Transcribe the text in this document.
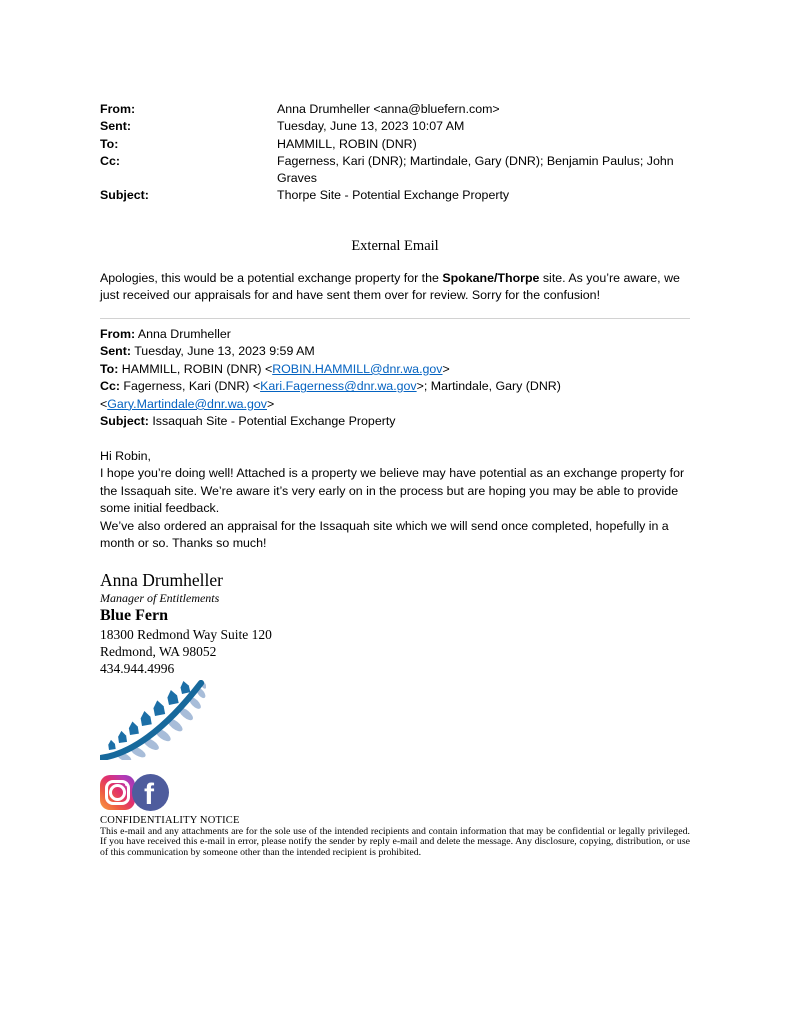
From:	Anna Drumheller <anna@bluefern.com>
Sent:	Tuesday, June 13, 2023 10:07 AM
To:	HAMMILL, ROBIN (DNR)
Cc:	Fagerness, Kari (DNR); Martindale, Gary (DNR); Benjamin Paulus; John Graves
Subject:	Thorpe Site - Potential Exchange Property
External Email

Apologies, this would be a potential exchange property for the Spokane/Thorpe site. As you’re aware, we just received our appraisals for and have sent them over for review. Sorry for the confusion!

From: Anna Drumheller
Sent: Tuesday, June 13, 2023 9:59 AM
To: HAMMILL, ROBIN (DNR) <ROBIN.HAMMILL@dnr.wa.gov>
Cc: Fagerness, Kari (DNR) <Kari.Fagerness@dnr.wa.gov>; Martindale, Gary (DNR)
<Gary.Martindale@dnr.wa.gov>
Subject: Issaquah Site - Potential Exchange Property
Hi Robin,
I hope you’re doing well! Attached is a property we believe may have potential as an exchange property for the Issaquah site. We’re aware it’s very early on in the process but are hoping you may be able to provide some initial feedback.
We’ve also ordered an appraisal for the Issaquah site which we will send once completed, hopefully in a month or so. Thanks so much!
Anna Drumheller
Manager of Entitlements
Blue Fern
18300 Redmond Way Suite 120
Redmond, WA 98052
434.944.4996
f
CONFIDENTIALITY NOTICE
This e-mail and any attachments are for the sole use of the intended recipients and contain information that may be confidential or legally privileged. If you have received this e-mail in error, please notify the sender by reply e-mail and delete the message. Any disclosure, copying, distribution, or use of this communication by someone other than the intended recipient is prohibited.
